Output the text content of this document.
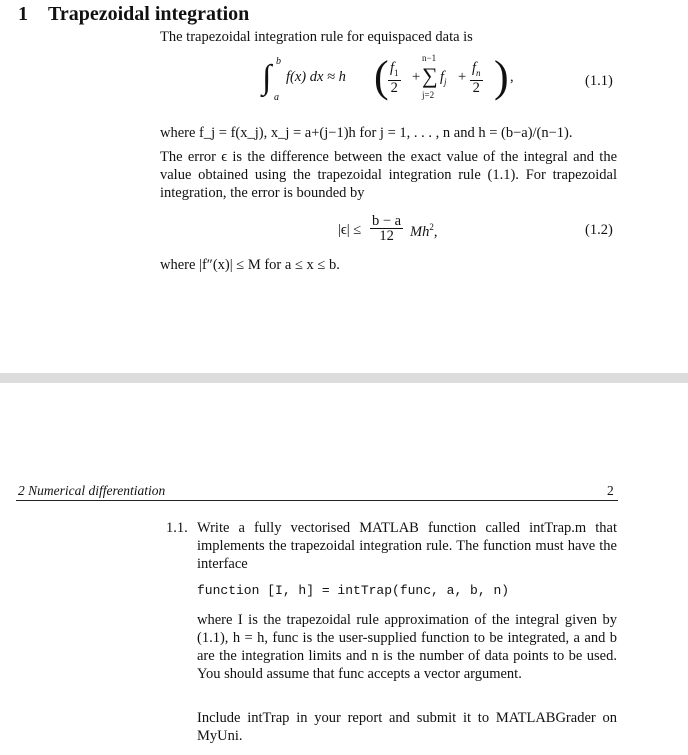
1 Trapezoidal integration
The trapezoidal integration rule for equispaced data is
∫ b
a
f(x) dx ≈ h ( $\frac{f_1}{2}$ +
n−1
∑
j=2
$f_j + \frac{f_n}{2}$ ) ,	(1.1)
where f_j = f(x_j), x_j = a+(j−1)h for j = 1, . . . , n and h = (b−a)/(n−1).
The error ϵ is the difference between the exact value of the integral and the value obtained using the trapezoidal integration rule (1.1). For trapezoidal integration, the error is bounded by
$|\epsilon| \le \frac{b - a}{12} Mh^2$,	(1.2)
where |f″(x)| ≤ M for a ≤ x ≤ b.
2 Numerical differentiation	2
1.1. Write a fully vectorised MATLAB function called intTrap.m that implements the trapezoidal integration rule. The function must have the interface
function [I, h] = intTrap(func, a, b, n)
where I is the trapezoidal rule approximation of the integral given by (1.1), h = h, func is the user-supplied function to be integrated, a and b are the integration limits and n is the number of data points to be used. You should assume that func accepts a vector argument.
Include intTrap in your report and submit it to MATLABGrader on MyUni.
